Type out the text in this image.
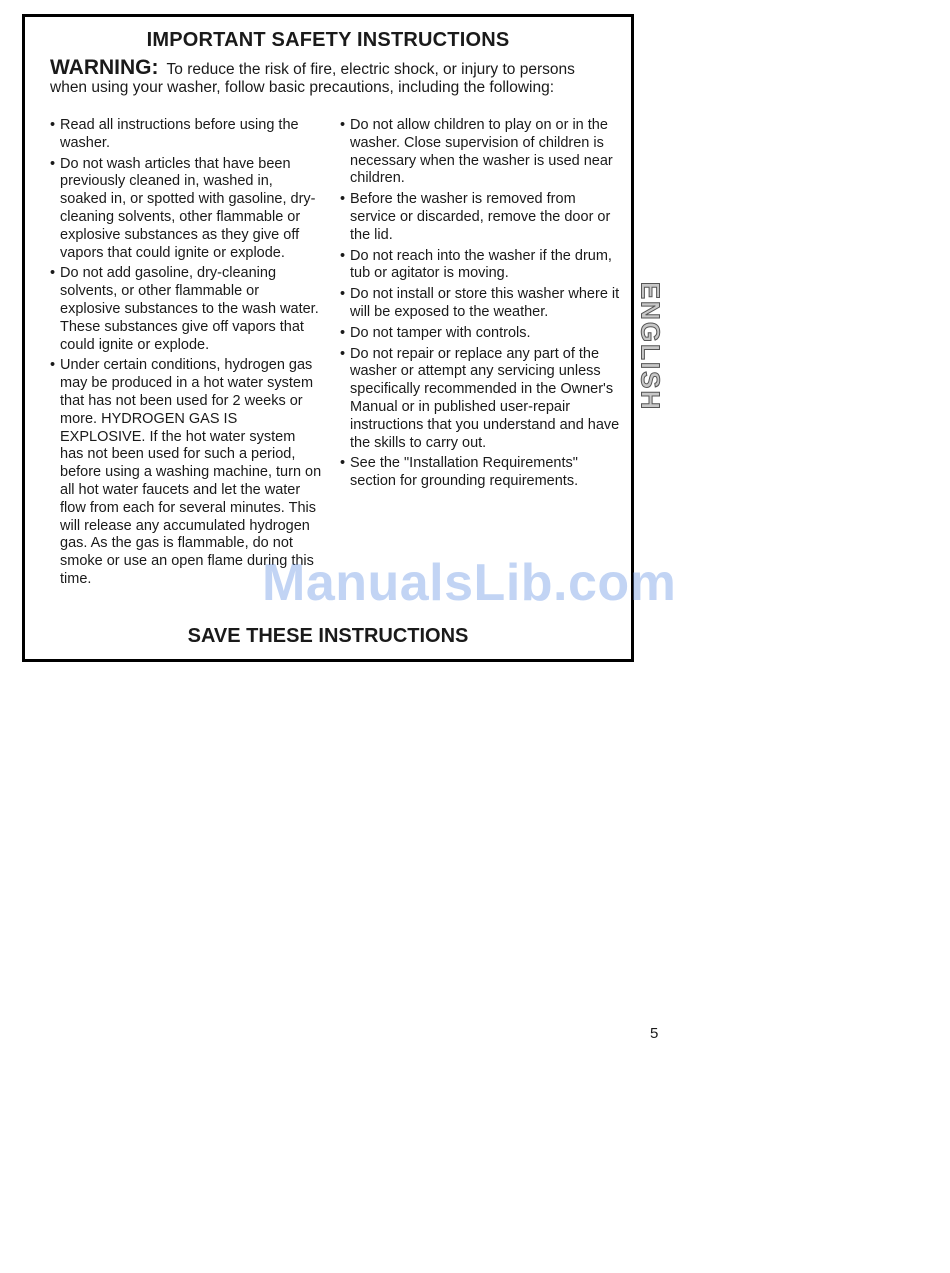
IMPORTANT SAFETY INSTRUCTIONS
WARNING: To reduce the risk of fire, electric shock, or injury to persons when using your washer, follow basic precautions, including the following:
• Read all instructions before using the washer.
• Do not wash articles that have been previously cleaned in, washed in, soaked in, or spotted with gasoline, dry-cleaning solvents, other flammable or explosive substances as they give off vapors that could ignite or explode.
• Do not add gasoline, dry-cleaning solvents, or other flammable or explosive substances to the wash water. These substances give off vapors that could ignite or explode.
• Under certain conditions, hydrogen gas may be produced in a hot water system that has not been used for 2 weeks or more. HYDROGEN GAS IS EXPLOSIVE. If the hot water system has not been used for such a period, before using a washing machine, turn on all hot water faucets and let the water flow from each for several minutes. This will release any accumulated hydrogen gas. As the gas is flammable, do not smoke or use an open flame during this time.
• Do not allow children to play on or in the washer. Close supervision of children is necessary when the washer is used near children.
• Before the washer is removed from service or discarded, remove the door or the lid.
• Do not reach into the washer if the drum, tub or agitator is moving.
• Do not install or store this washer where it will be exposed to the weather.
• Do not tamper with controls.
• Do not repair or replace any part of the washer or attempt any servicing unless specifically recommended in the Owner's Manual or in published user-repair instructions that you understand and have the skills to carry out.
• See the "Installation Requirements" section for grounding requirements.
SAVE THESE INSTRUCTIONS
ENGLISH
ManualsLib.com
5
